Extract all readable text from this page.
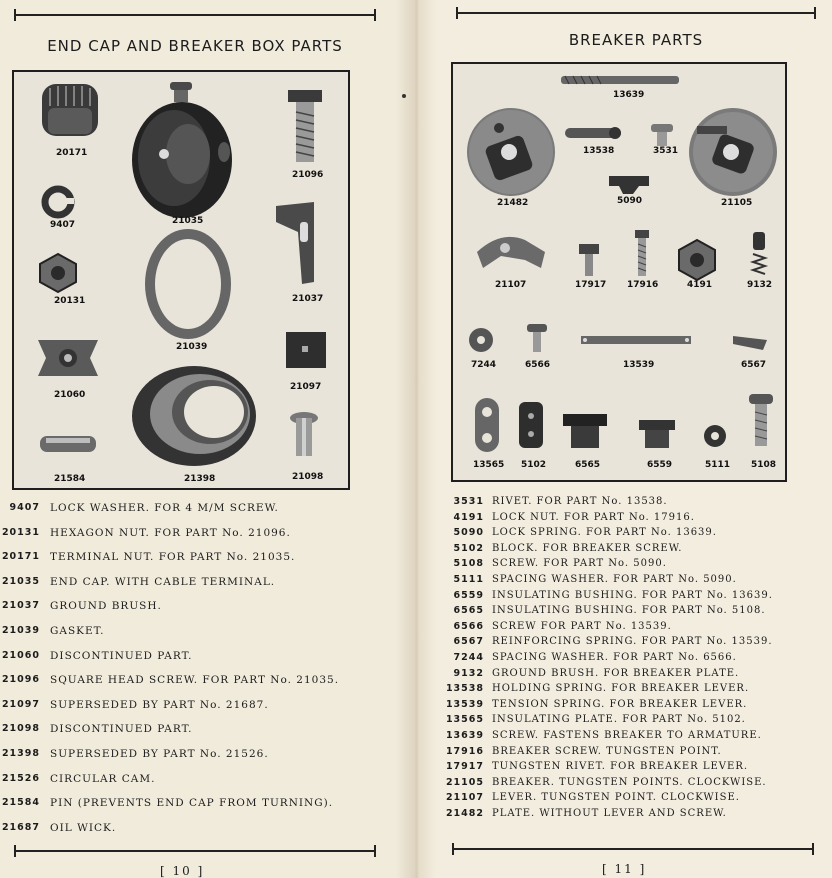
END CAP AND BREAKER BOX PARTS
20171
21035
21096
9407
20131
21039
21037
21060
21097
21584	21398	21098
9407 LOCK WASHER. FOR 4 M/M SCREW.
20131 HEXAGON NUT. FOR PART No. 21096.
20171 TERMINAL NUT. FOR PART No. 21035.
21035 END CAP. WITH CABLE TERMINAL.
21037 GROUND BRUSH.
21039 GASKET.
21060 DISCONTINUED PART.
21096 SQUARE HEAD SCREW. FOR PART No. 21035.
21097 SUPERSEDED BY PART No. 21687.
21098 DISCONTINUED PART.
21398 SUPERSEDED BY PART No. 21526.
21526 CIRCULAR CAM.
21584 PIN (PREVENTS END CAP FROM TURNING).
21687 OIL WICK.
[ 10 ]
BREAKER PARTS
13639
13538	3531
21482	5090	21105
21107	17917 17916	4191	9132
7244	6566	13539	6567
13565 5102	6565	6559	5111 5108
3531 RIVET. FOR PART No. 13538.
4191 LOCK NUT. FOR PART No. 17916.
5090 LOCK SPRING. FOR PART No. 13639.
5102 BLOCK. FOR BREAKER SCREW.
5108 SCREW. FOR PART No. 5090.
5111 SPACING WASHER. FOR PART No. 5090.
6559 INSULATING BUSHING. FOR PART No. 13639.
6565 INSULATING BUSHING. FOR PART No. 5108.
6566 SCREW FOR PART No. 13539.
6567 REINFORCING SPRING. FOR PART No. 13539.
7244 SPACING WASHER. FOR PART No. 6566.
9132 GROUND BRUSH. FOR BREAKER PLATE.
13538 HOLDING SPRING. FOR BREAKER LEVER.
13539 TENSION SPRING. FOR BREAKER LEVER.
13565 INSULATING PLATE. FOR PART No. 5102.
13639 SCREW. FASTENS BREAKER TO ARMATURE.
17916 BREAKER SCREW. TUNGSTEN POINT.
17917 TUNGSTEN RIVET. FOR BREAKER LEVER.
21105 BREAKER. TUNGSTEN POINTS. CLOCKWISE.
21107 LEVER. TUNGSTEN POINT. CLOCKWISE.
21482 PLATE. WITHOUT LEVER AND SCREW.
[ 11 ]
